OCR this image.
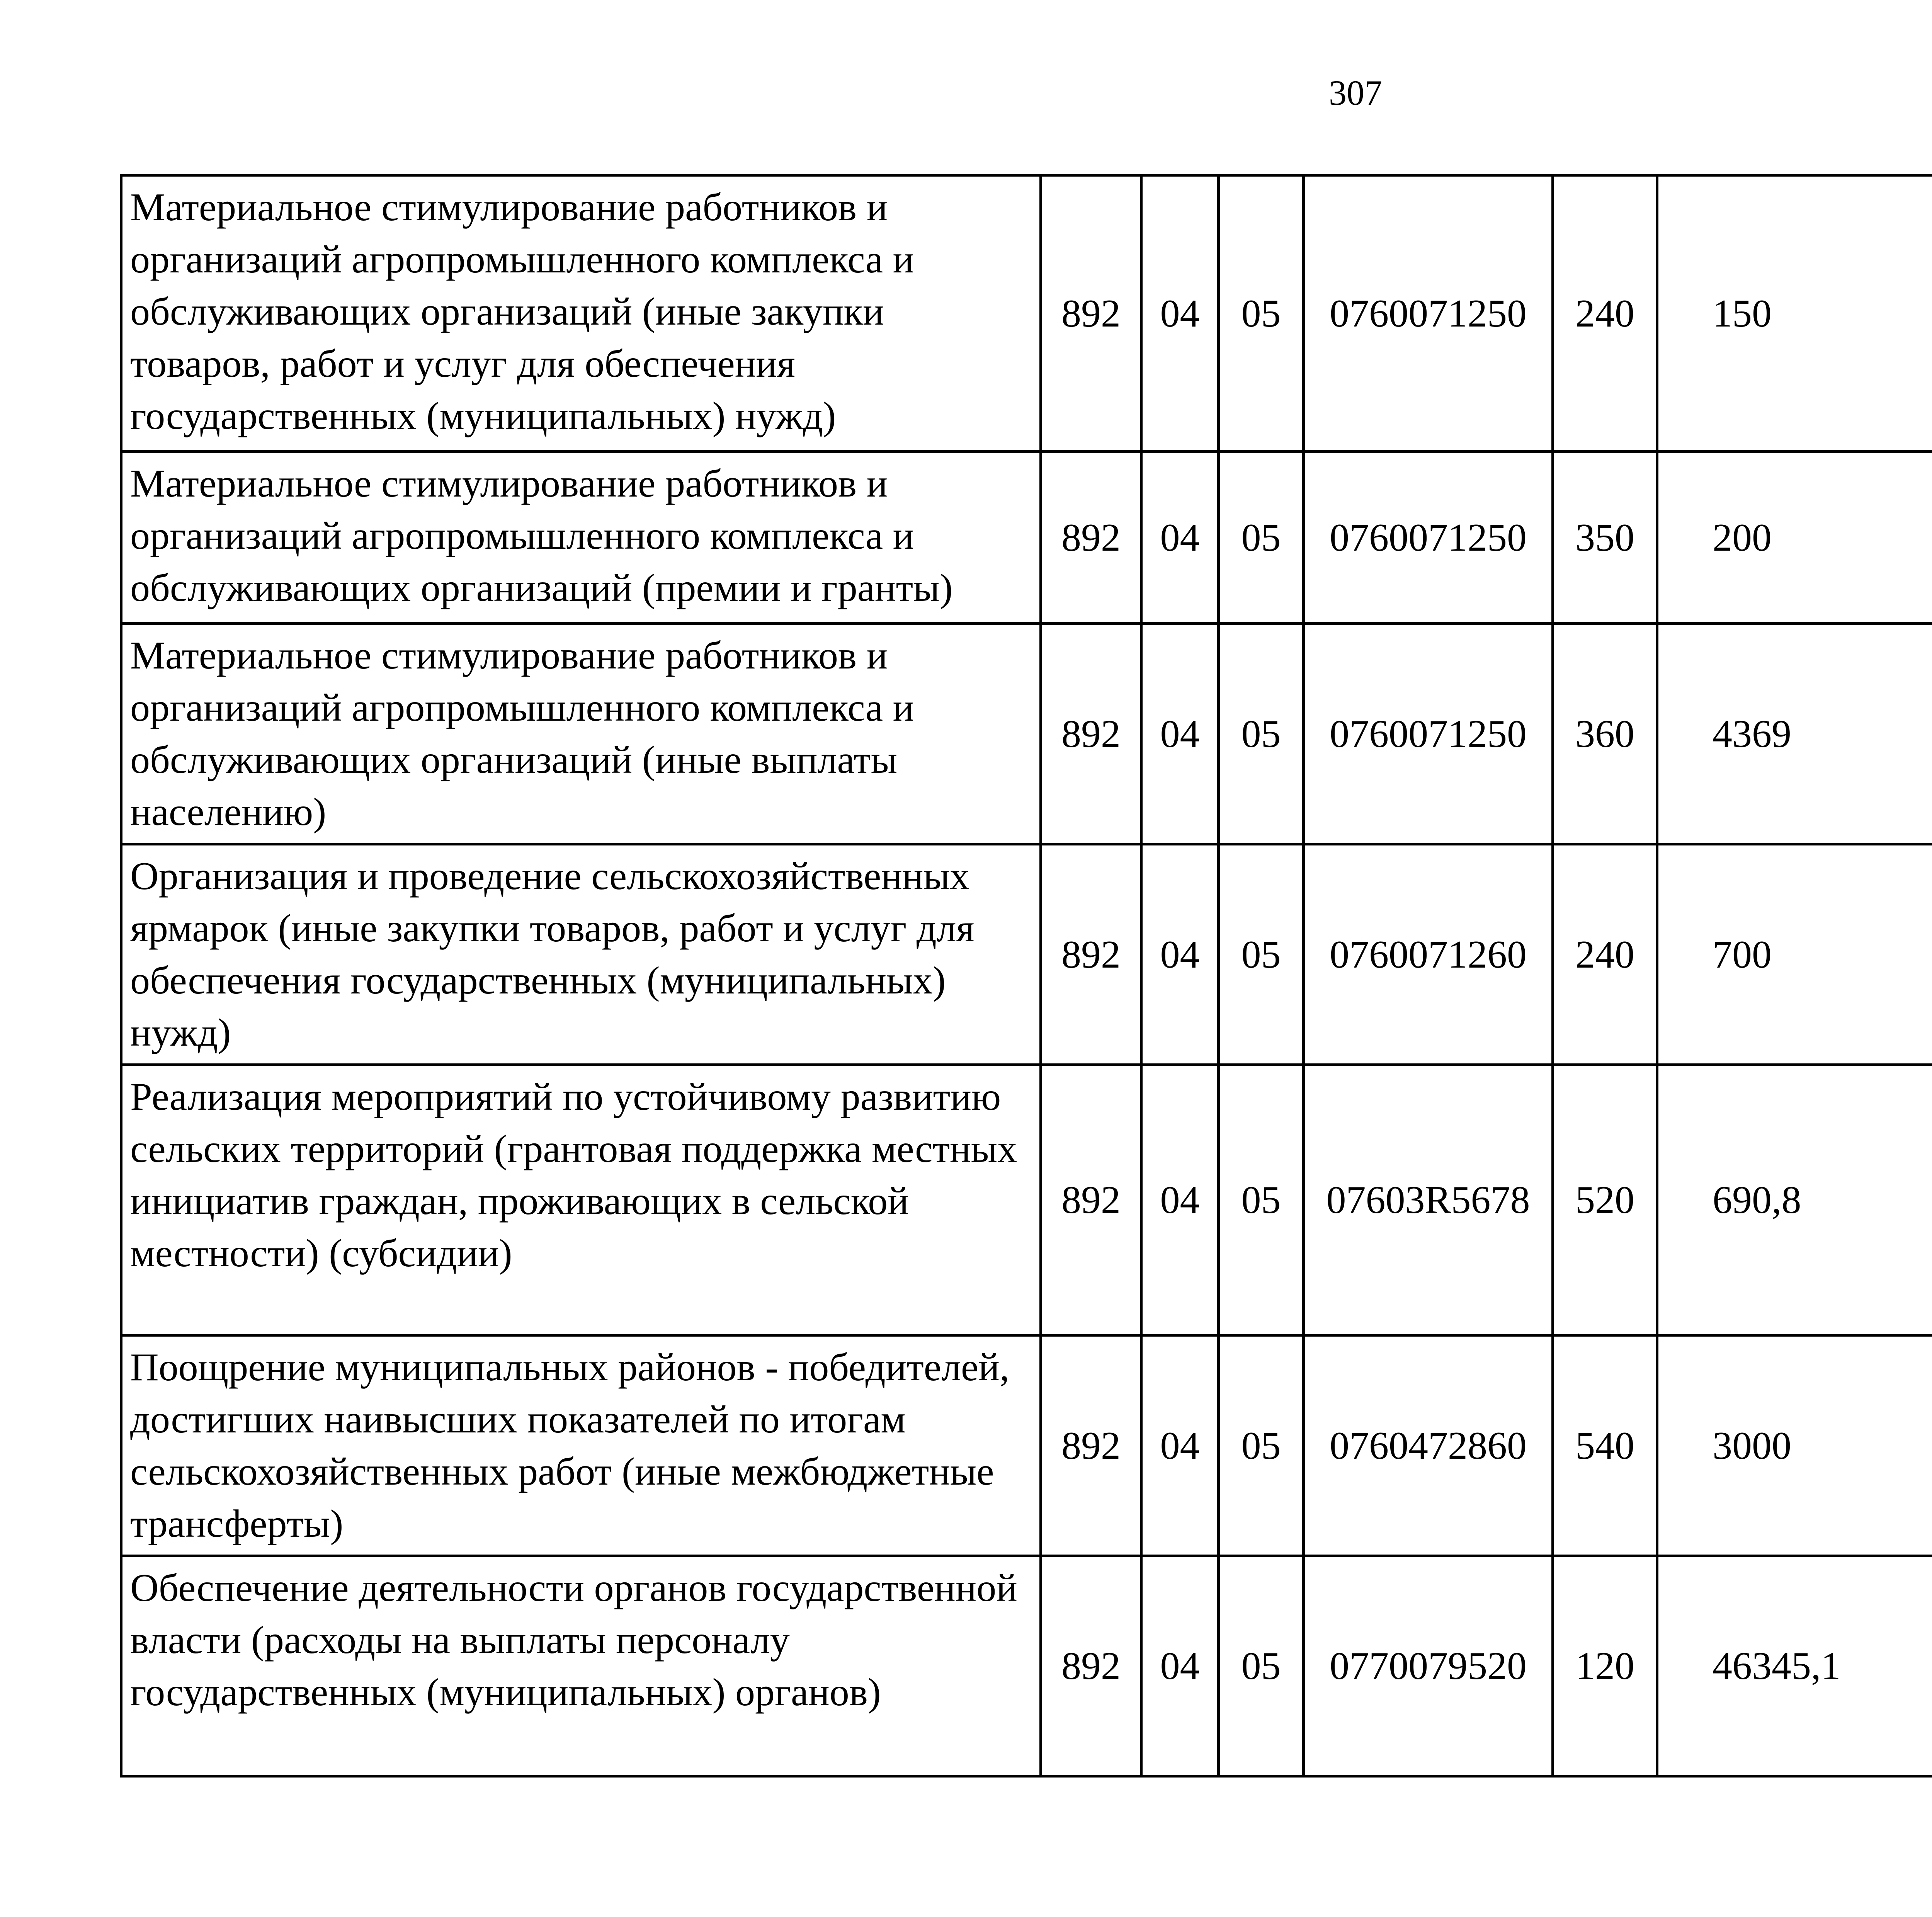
307
Материальное стимулирование работников и организаций агропромышленного комплекса и обслуживающих организаций (иные закупки товаров, работ и услуг для обеспечения государственных (муниципальных) нужд)	892	04	05	0760071250	240	150		
Материальное стимулирование работников и организаций агропромышленного комплекса и обслуживающих организаций (премии и гранты)	892	04	05	0760071250	350	200		
Материальное стимулирование работников и организаций агропромышленного комплекса и обслуживающих организаций (иные выплаты населению)	892	04	05	0760071250	360	4369		
Организация и проведение сельскохозяйственных ярмарок (иные закупки товаров, работ и услуг для обеспечения государственных (муниципальных) нужд)	892	04	05	0760071260	240	700		
Реализация мероприятий по устойчивому развитию сельских территорий (грантовая поддержка местных инициатив граждан, проживающих в сельской местности) (субсидии)	892	04	05	07603R5678	520	690,8		
Поощрение муниципальных районов - победителей, достигших наивысших показателей по итогам сельскохозяйственных работ (иные межбюджетные трансферты)	892	04	05	0760472860	540	3000		
Обеспечение деятельности органов государственной власти (расходы на выплаты персоналу государственных (муниципальных) органов)	892	04	05	0770079520	120	46345,1		
